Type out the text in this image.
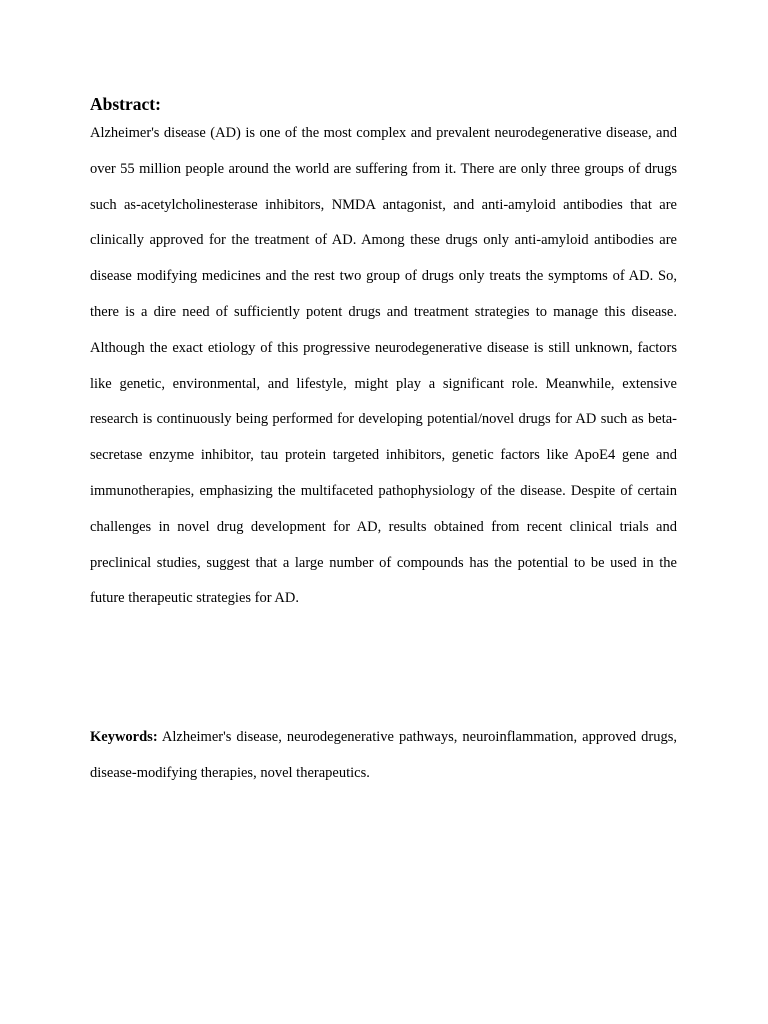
Abstract:

Alzheimer's disease (AD) is one of the most complex and prevalent neurodegenerative disease, and over 55 million people around the world are suffering from it. There are only three groups of drugs such as-acetylcholinesterase inhibitors, NMDA antagonist, and anti-amyloid antibodies that are clinically approved for the treatment of AD. Among these drugs only anti-amyloid antibodies are disease modifying medicines and the rest two group of drugs only treats the symptoms of AD. So, there is a dire need of sufficiently potent drugs and treatment strategies to manage this disease. Although the exact etiology of this progressive neurodegenerative disease is still unknown, factors like genetic, environmental, and lifestyle, might play a significant role. Meanwhile, extensive research is continuously being performed for developing potential/novel drugs for AD such as beta-secretase enzyme inhibitor, tau protein targeted inhibitors, genetic factors like ApoE4 gene and immunotherapies, emphasizing the multifaceted pathophysiology of the disease. Despite of certain challenges in novel drug development for AD, results obtained from recent clinical trials and preclinical studies, suggest that a large number of compounds has the potential to be used in the future therapeutic strategies for AD.

Keywords: Alzheimer's disease, neurodegenerative pathways, neuroinflammation, approved drugs, disease-modifying therapies, novel therapeutics.
